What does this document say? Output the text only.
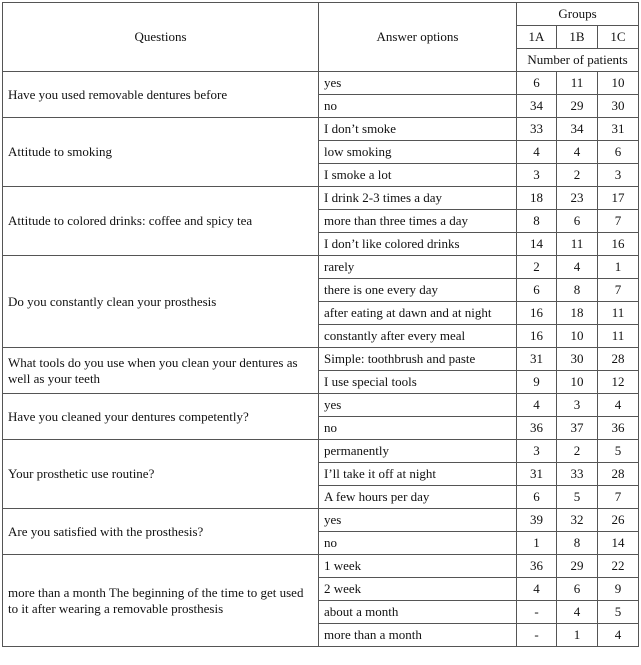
Questions	Answer options	Groups		
		1A	1B	1C
		Number of patients		
Have you used removable dentures before	yes	6	11	10
	no	34	29	30
Attitude to smoking	I don’t smoke	33	34	31
	low smoking	4	4	6
	I smoke a lot	3	2	3
Attitude to colored drinks: coffee and spicy tea	I drink 2-3 times a day	18	23	17
	more than three times a day	8	6	7
	I don’t like colored drinks	14	11	16
Do you constantly clean your prosthesis	rarely	2	4	1
	there is one every day	6	8	7
	after eating at dawn and at night	16	18	11
	constantly after every meal	16	10	11
What tools do you use when you clean your dentures as well as your teeth	Simple: toothbrush and paste	31	30	28
	I use special tools	9	10	12
Have you cleaned your dentures competently?	yes	4	3	4
	no	36	37	36
Your prosthetic use routine?	permanently	3	2	5
	I’ll take it off at night	31	33	28
	A few hours per day	6	5	7
Are you satisfied with the prosthesis?	yes	39	32	26
	no	1	8	14
more than a month The beginning of the time to get used to it after wearing a removable prosthesis	1 week	36	29	22
	2 week	4	6	9
	about a month	-	4	5
	more than a month	-	1	4
